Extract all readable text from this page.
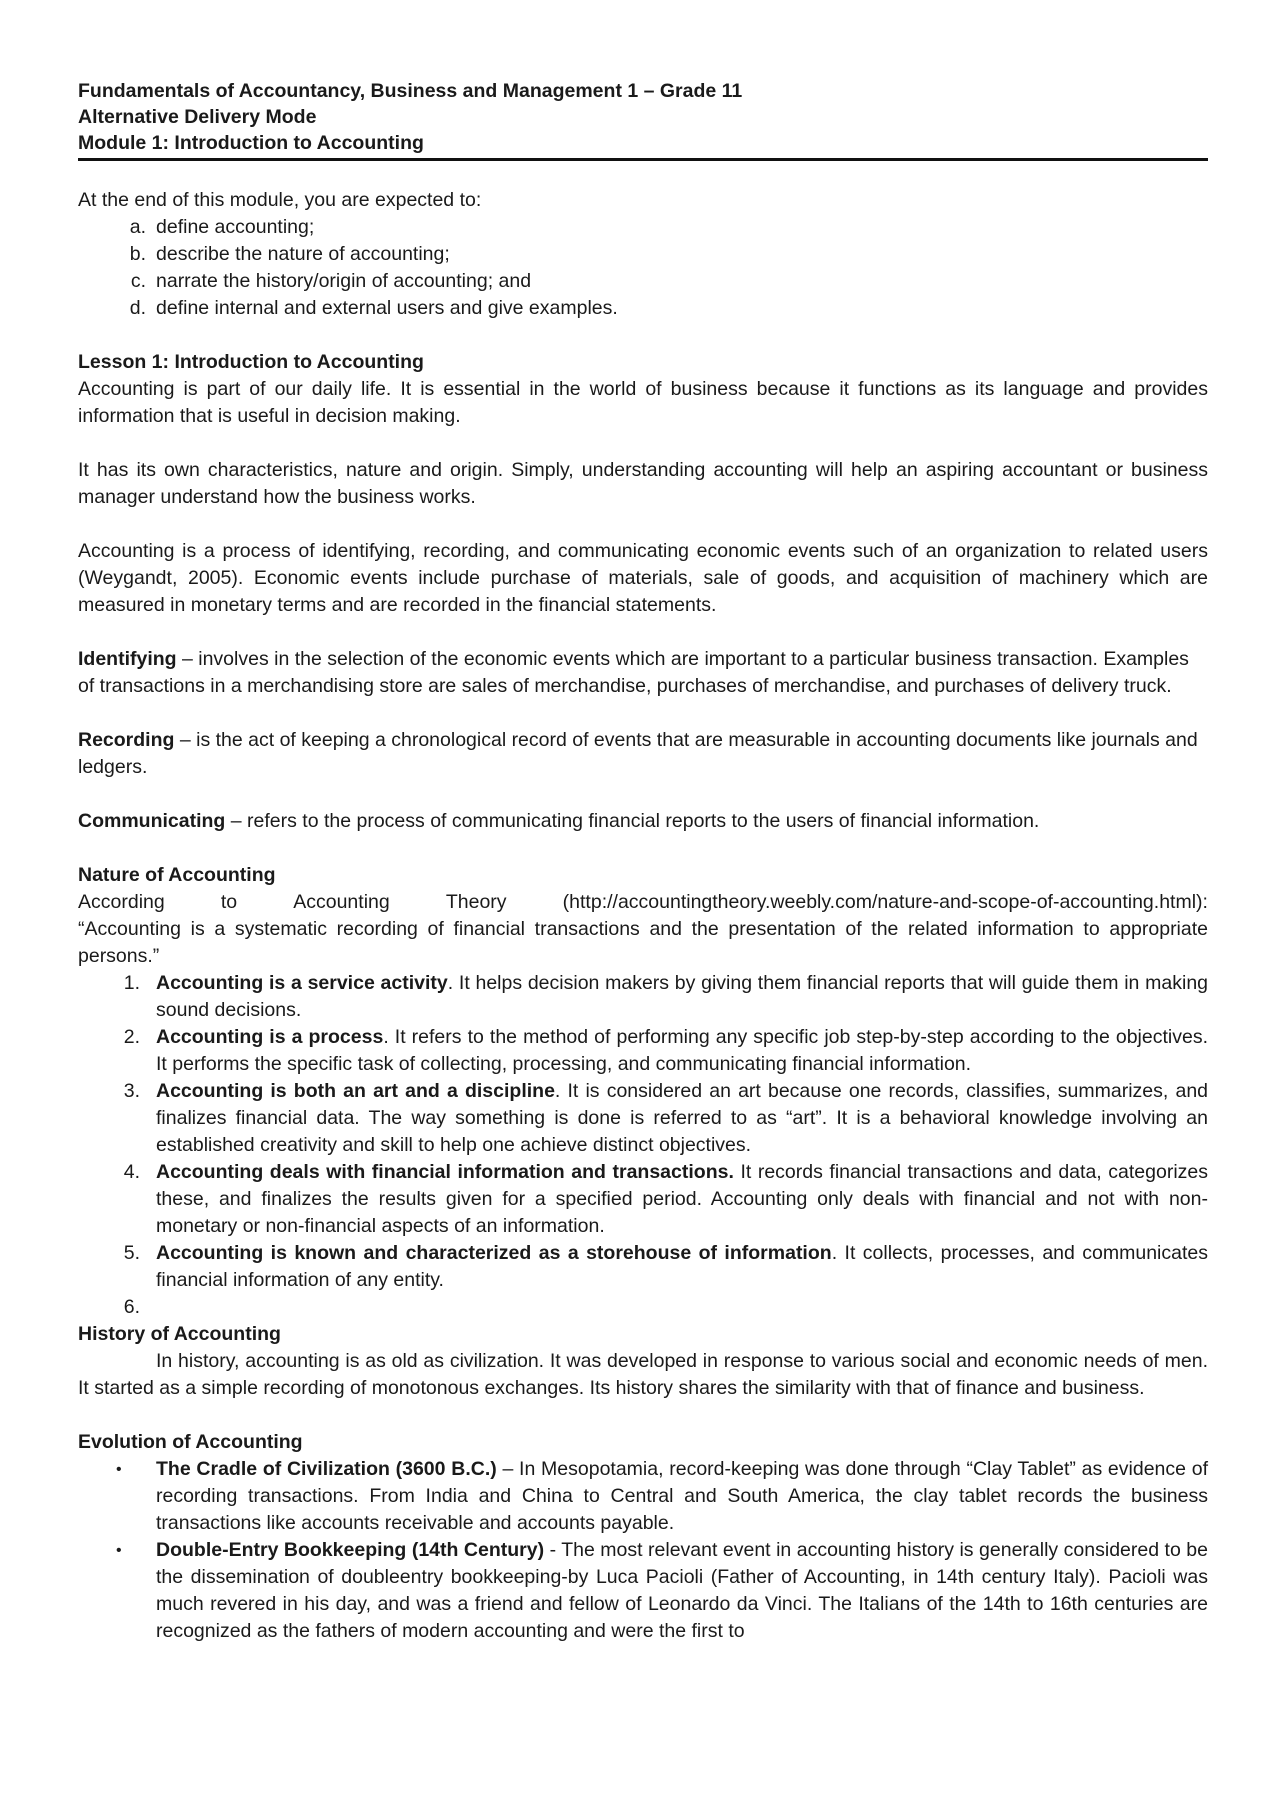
Fundamentals of Accountancy, Business and Management 1 – Grade 11
Alternative Delivery Mode
Module 1: Introduction to Accounting

At the end of this module, you are expected to:

a. define accounting;
b. describe the nature of accounting;
c. narrate the history/origin of accounting; and
d. define internal and external users and give examples.

Lesson 1: Introduction to Accounting

Accounting is part of our daily life. It is essential in the world of business because it functions as its language and provides information that is useful in decision making.

It has its own characteristics, nature and origin. Simply, understanding accounting will help an aspiring accountant or business manager understand how the business works.

Accounting is a process of identifying, recording, and communicating economic events such of an organization to related users (Weygandt, 2005). Economic events include purchase of materials, sale of goods, and acquisition of machinery which are measured in monetary terms and are recorded in the financial statements.

Identifying – involves in the selection of the economic events which are important to a particular business transaction. Examples of transactions in a merchandising store are sales of merchandise, purchases of merchandise, and purchases of delivery truck.

Recording – is the act of keeping a chronological record of events that are measurable in accounting documents like journals and ledgers.

Communicating – refers to the process of communicating financial reports to the users of financial information.

Nature of Accounting

According	to	Accounting	Theory	(http://accountingtheory.weebly.com/nature-and-scope-of-accounting.html):

“Accounting is a systematic recording of financial transactions and the presentation of the related information to appropriate persons.”

1. Accounting is a service activity. It helps decision makers by giving them financial reports that will guide them in making sound decisions.
2. Accounting is a process. It refers to the method of performing any specific job step-by-step according to the objectives. It performs the specific task of collecting, processing, and communicating financial information.
3. Accounting is both an art and a discipline. It is considered an art because one records, classifies, summarizes, and finalizes financial data. The way something is done is referred to as “art”. It is a behavioral knowledge involving an established creativity and skill to help one achieve distinct objectives.
4. Accounting deals with financial information and transactions. It records financial transactions and data, categorizes these, and finalizes the results given for a specified period. Accounting only deals with financial and not with non-monetary or non-financial aspects of an information.
5. Accounting is known and characterized as a storehouse of information. It collects, processes, and communicates financial information of any entity.
6.

History of Accounting

In history, accounting is as old as civilization. It was developed in response to various social and economic needs of men. It started as a simple recording of monotonous exchanges. Its history shares the similarity with that of finance and business.

Evolution of Accounting

• The Cradle of Civilization (3600 B.C.) – In Mesopotamia, record-keeping was done through “Clay Tablet” as evidence of recording transactions. From India and China to Central and South America, the clay tablet records the business transactions like accounts receivable and accounts payable.
• Double-Entry Bookkeeping (14th Century) - The most relevant event in accounting history is generally considered to be the dissemination of doubleentry bookkeeping-by Luca Pacioli (Father of Accounting, in 14th century Italy). Pacioli was much revered in his day, and was a friend and fellow of Leonardo da Vinci. The Italians of the 14th to 16th centuries are recognized as the fathers of modern accounting and were the first to
